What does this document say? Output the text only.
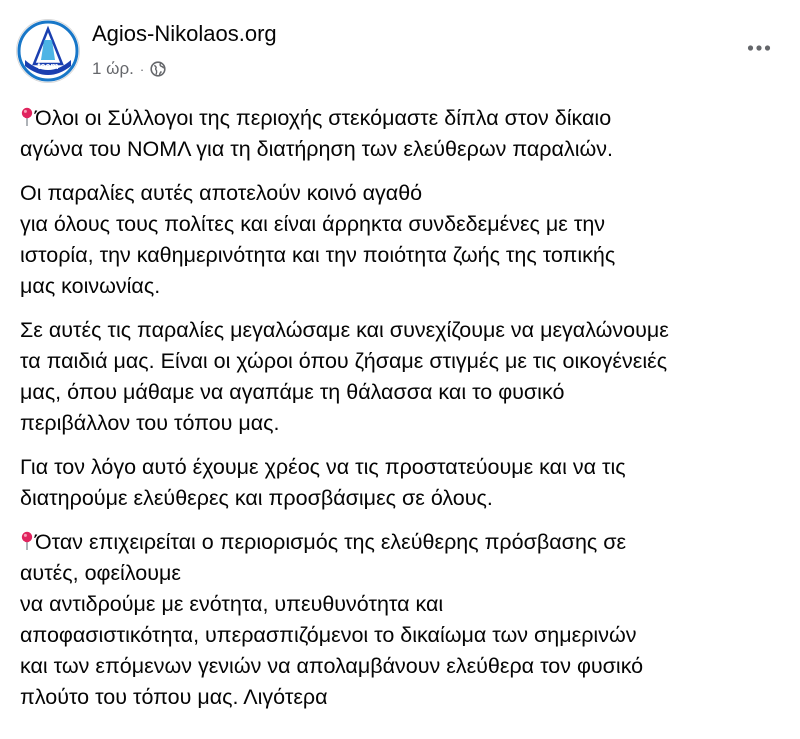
team
Agios-Nikolaos.org
1 ώρ. ·

Όλοι οι Σύλλογοι της περιοχής στεκόμαστε δίπλα στον δίκαιο
αγώνα του ΝΟΜΛ για τη διατήρηση των ελεύθερων παραλιών.

Οι παραλίες αυτές αποτελούν κοινό αγαθό
για όλους τους πολίτες και είναι άρρηκτα συνδεδεμένες με την
ιστορία, την καθημερινότητα και την ποιότητα ζωής της τοπικής
μας κοινωνίας.

Σε αυτές τις παραλίες μεγαλώσαμε και συνεχίζουμε να μεγαλώνουμε
τα παιδιά μας. Είναι οι χώροι όπου ζήσαμε στιγμές με τις οικογένειές
μας, όπου μάθαμε να αγαπάμε τη θάλασσα και το φυσικό
περιβάλλον του τόπου μας.

Για τον λόγο αυτό έχουμε χρέος να τις προστατεύουμε και να τις
διατηρούμε ελεύθερες και προσβάσιμες σε όλους.

Όταν επιχειρείται ο περιορισμός της ελεύθερης πρόσβασης σε
αυτές, οφείλουμε
να αντιδρούμε με ενότητα, υπευθυνότητα και
αποφασιστικότητα, υπερασπιζόμενοι το δικαίωμα των σημερινών
και των επόμενων γενιών να απολαμβάνουν ελεύθερα τον φυσικό
πλούτο του τόπου μας. Λιγότερα
